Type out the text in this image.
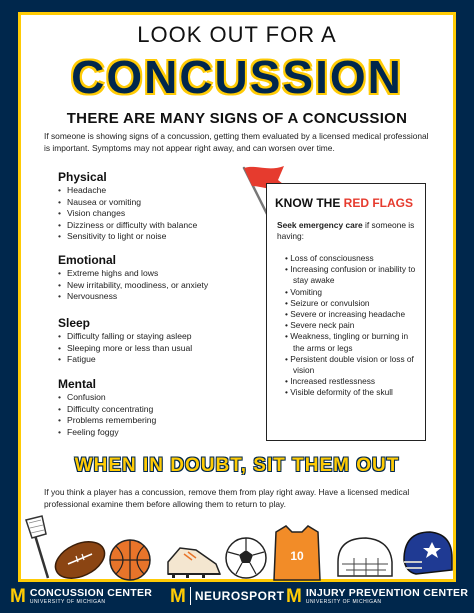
LOOK OUT FOR A
CONCUSSION
THERE ARE MANY SIGNS OF A CONCUSSION
If someone is showing signs of a concussion, getting them evaluated by a licensed medical professional is important. Symptoms may not appear right away, and can worsen over time.
Physical
• Headache
• Nausea or vomiting
• Vision changes
• Dizziness or difficulty with balance
• Sensitivity to light or noise
Emotional
• Extreme highs and lows
• New irritability, moodiness, or anxiety
• Nervousness
Sleep
• Difficulty falling or staying asleep
• Sleeping more or less than usual
• Fatigue
Mental
• Confusion
• Difficulty concentrating
• Problems remembering
• Feeling foggy
KNOW THE RED FLAGS
Seek emergency care if someone is having:
• Loss of consciousness
• Increasing confusion or inability to stay awake
• Vomiting
• Seizure or convulsion
• Severe or increasing headache
• Severe neck pain
• Weakness, tingling or burning in the arms or legs
• Persistent double vision or loss of vision
• Increased restlessness
• Visible deformity of the skull
WHEN IN DOUBT, SIT THEM OUT
If you think a player has a concussion, remove them from play right away. Have a licensed medical professional examine them before allowing them to return to play.
10
M CONCUSSION CENTER
UNIVERSITY OF MICHIGAN	M NEUROSPORT M INJURY PREVENTION CENTER
UNIVERSITY OF MICHIGAN
